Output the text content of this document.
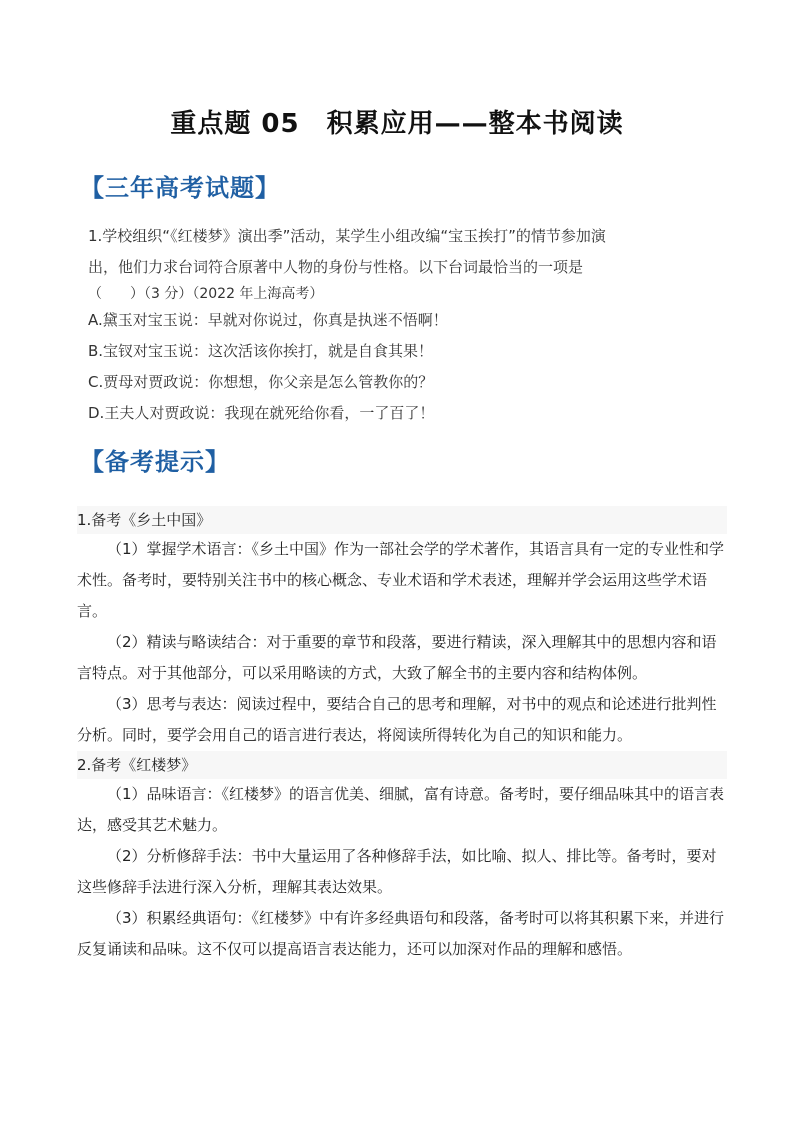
重点题 05　积累应用——整本书阅读
【三年高考试题】
1.学校组织“《红楼梦》演出季”活动，某学生小组改编“宝玉挨打”的情节参加演
出，他们力求台词符合原著中人物的身份与性格。以下台词最恰当的一项是
（　　）（3 分）（2022 年上海高考）
A.黛玉对宝玉说：早就对你说过，你真是执迷不悟啊！
B.宝钗对宝玉说：这次活该你挨打，就是自食其果！
C.贾母对贾政说：你想想，你父亲是怎么管教你的？
D.王夫人对贾政说：我现在就死给你看，一了百了！
【备考提示】
1.备考《乡土中国》
（1）掌握学术语言：《乡土中国》作为一部社会学的学术著作，其语言具有一定的专业性和学术性。备考时，要特别关注书中的核心概念、专业术语和学术表述，理解并学会运用这些学术语言。
（2）精读与略读结合：对于重要的章节和段落，要进行精读，深入理解其中的思想内容和语言特点。对于其他部分，可以采用略读的方式，大致了解全书的主要内容和结构体例。
（3）思考与表达：阅读过程中，要结合自己的思考和理解，对书中的观点和论述进行批判性分析。同时，要学会用自己的语言进行表达，将阅读所得转化为自己的知识和能力。
2.备考《红楼梦》
（1）品味语言：《红楼梦》的语言优美、细腻，富有诗意。备考时，要仔细品味其中的语言表达，感受其艺术魅力。
（2）分析修辞手法：书中大量运用了各种修辞手法，如比喻、拟人、排比等。备考时，要对这些修辞手法进行深入分析，理解其表达效果。
（3）积累经典语句：《红楼梦》中有许多经典语句和段落，备考时可以将其积累下来，并进行反复诵读和品味。这不仅可以提高语言表达能力，还可以加深对作品的理解和感悟。
